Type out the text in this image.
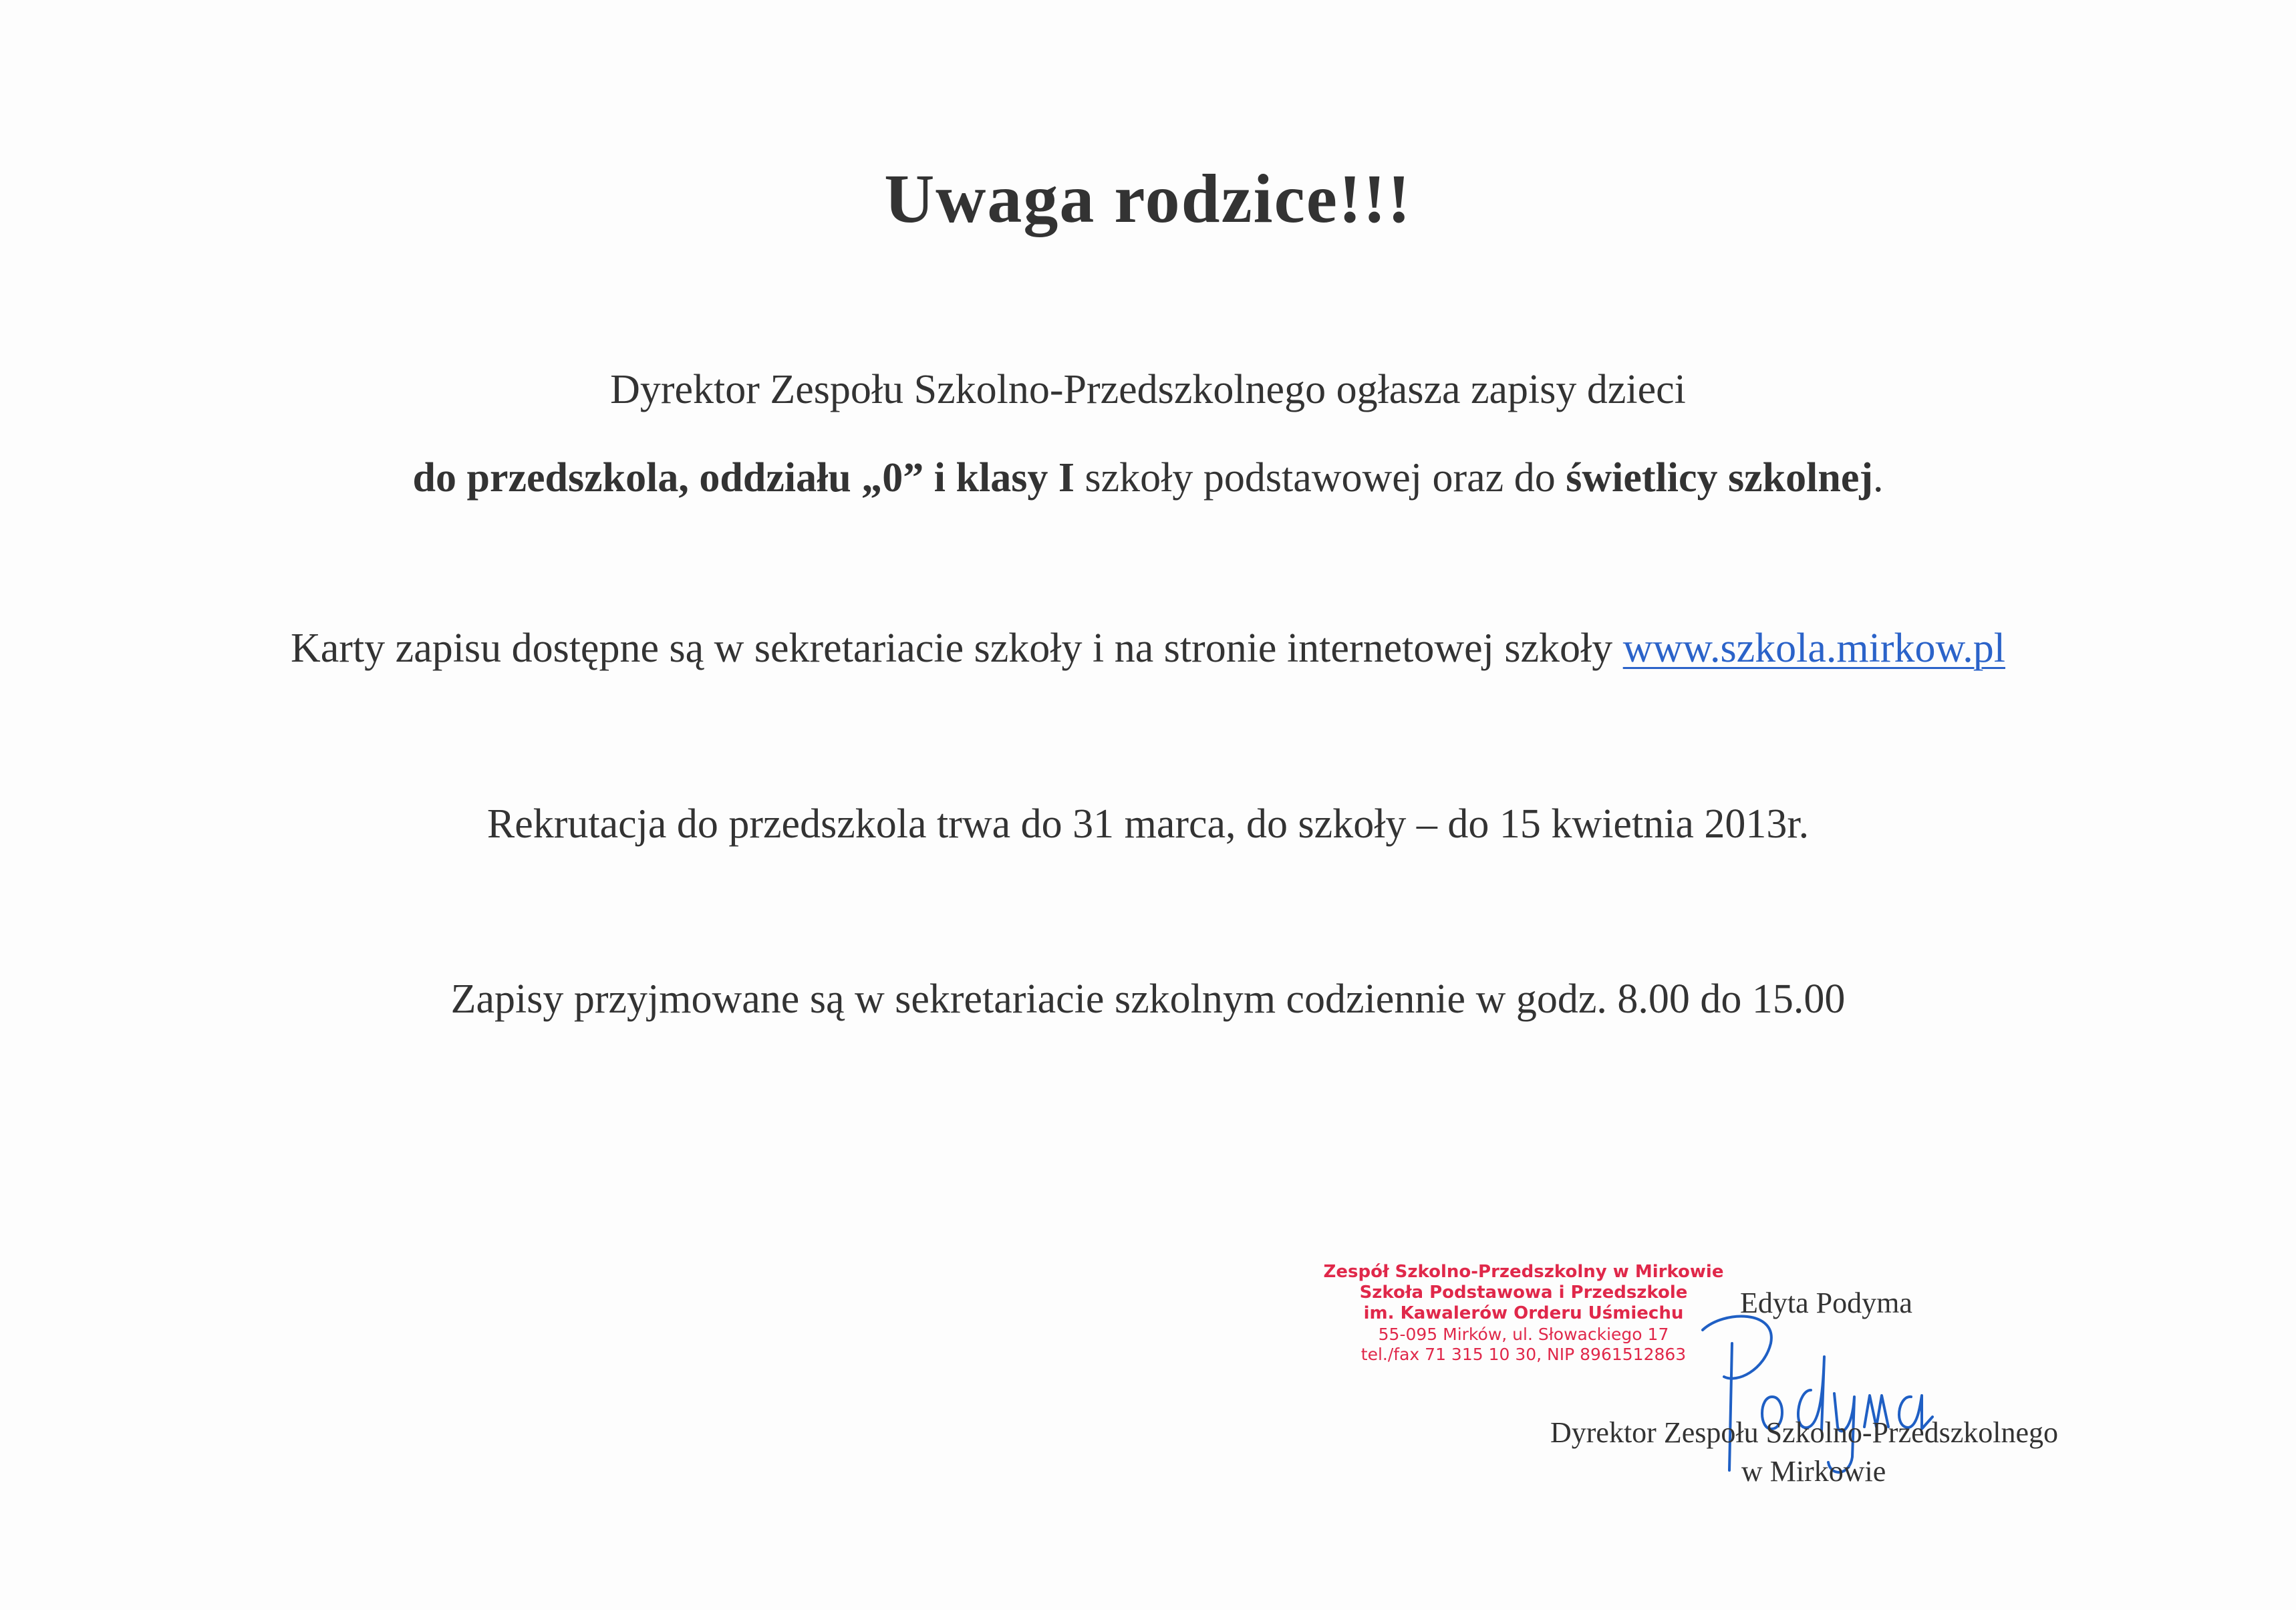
Uwaga rodzice!!!
Dyrektor Zespołu Szkolno-Przedszkolnego ogłasza zapisy dzieci
do przedszkola, oddziału „0” i klasy I szkoły podstawowej oraz do świetlicy szkolnej.
Karty zapisu dostępne są w sekretariacie szkoły i na stronie internetowej szkoły www.szkola.mirkow.pl
Rekrutacja do przedszkola trwa do 31 marca, do szkoły – do 15 kwietnia 2013r.
Zapisy przyjmowane są w sekretariacie szkolnym codziennie w godz. 8.00 do 15.00
Zespół Szkolno-Przedszkolny w Mirkowie
Szkoła Podstawowa i Przedszkole
im. Kawalerów Orderu Uśmiechu
55-095 Mirków, ul. Słowackiego 17
tel./fax 71 315 10 30, NIP 8961512863
Edyta Podyma
Dyrektor Zespołu Szkolno-Przedszkolnego
w Mirkowie
